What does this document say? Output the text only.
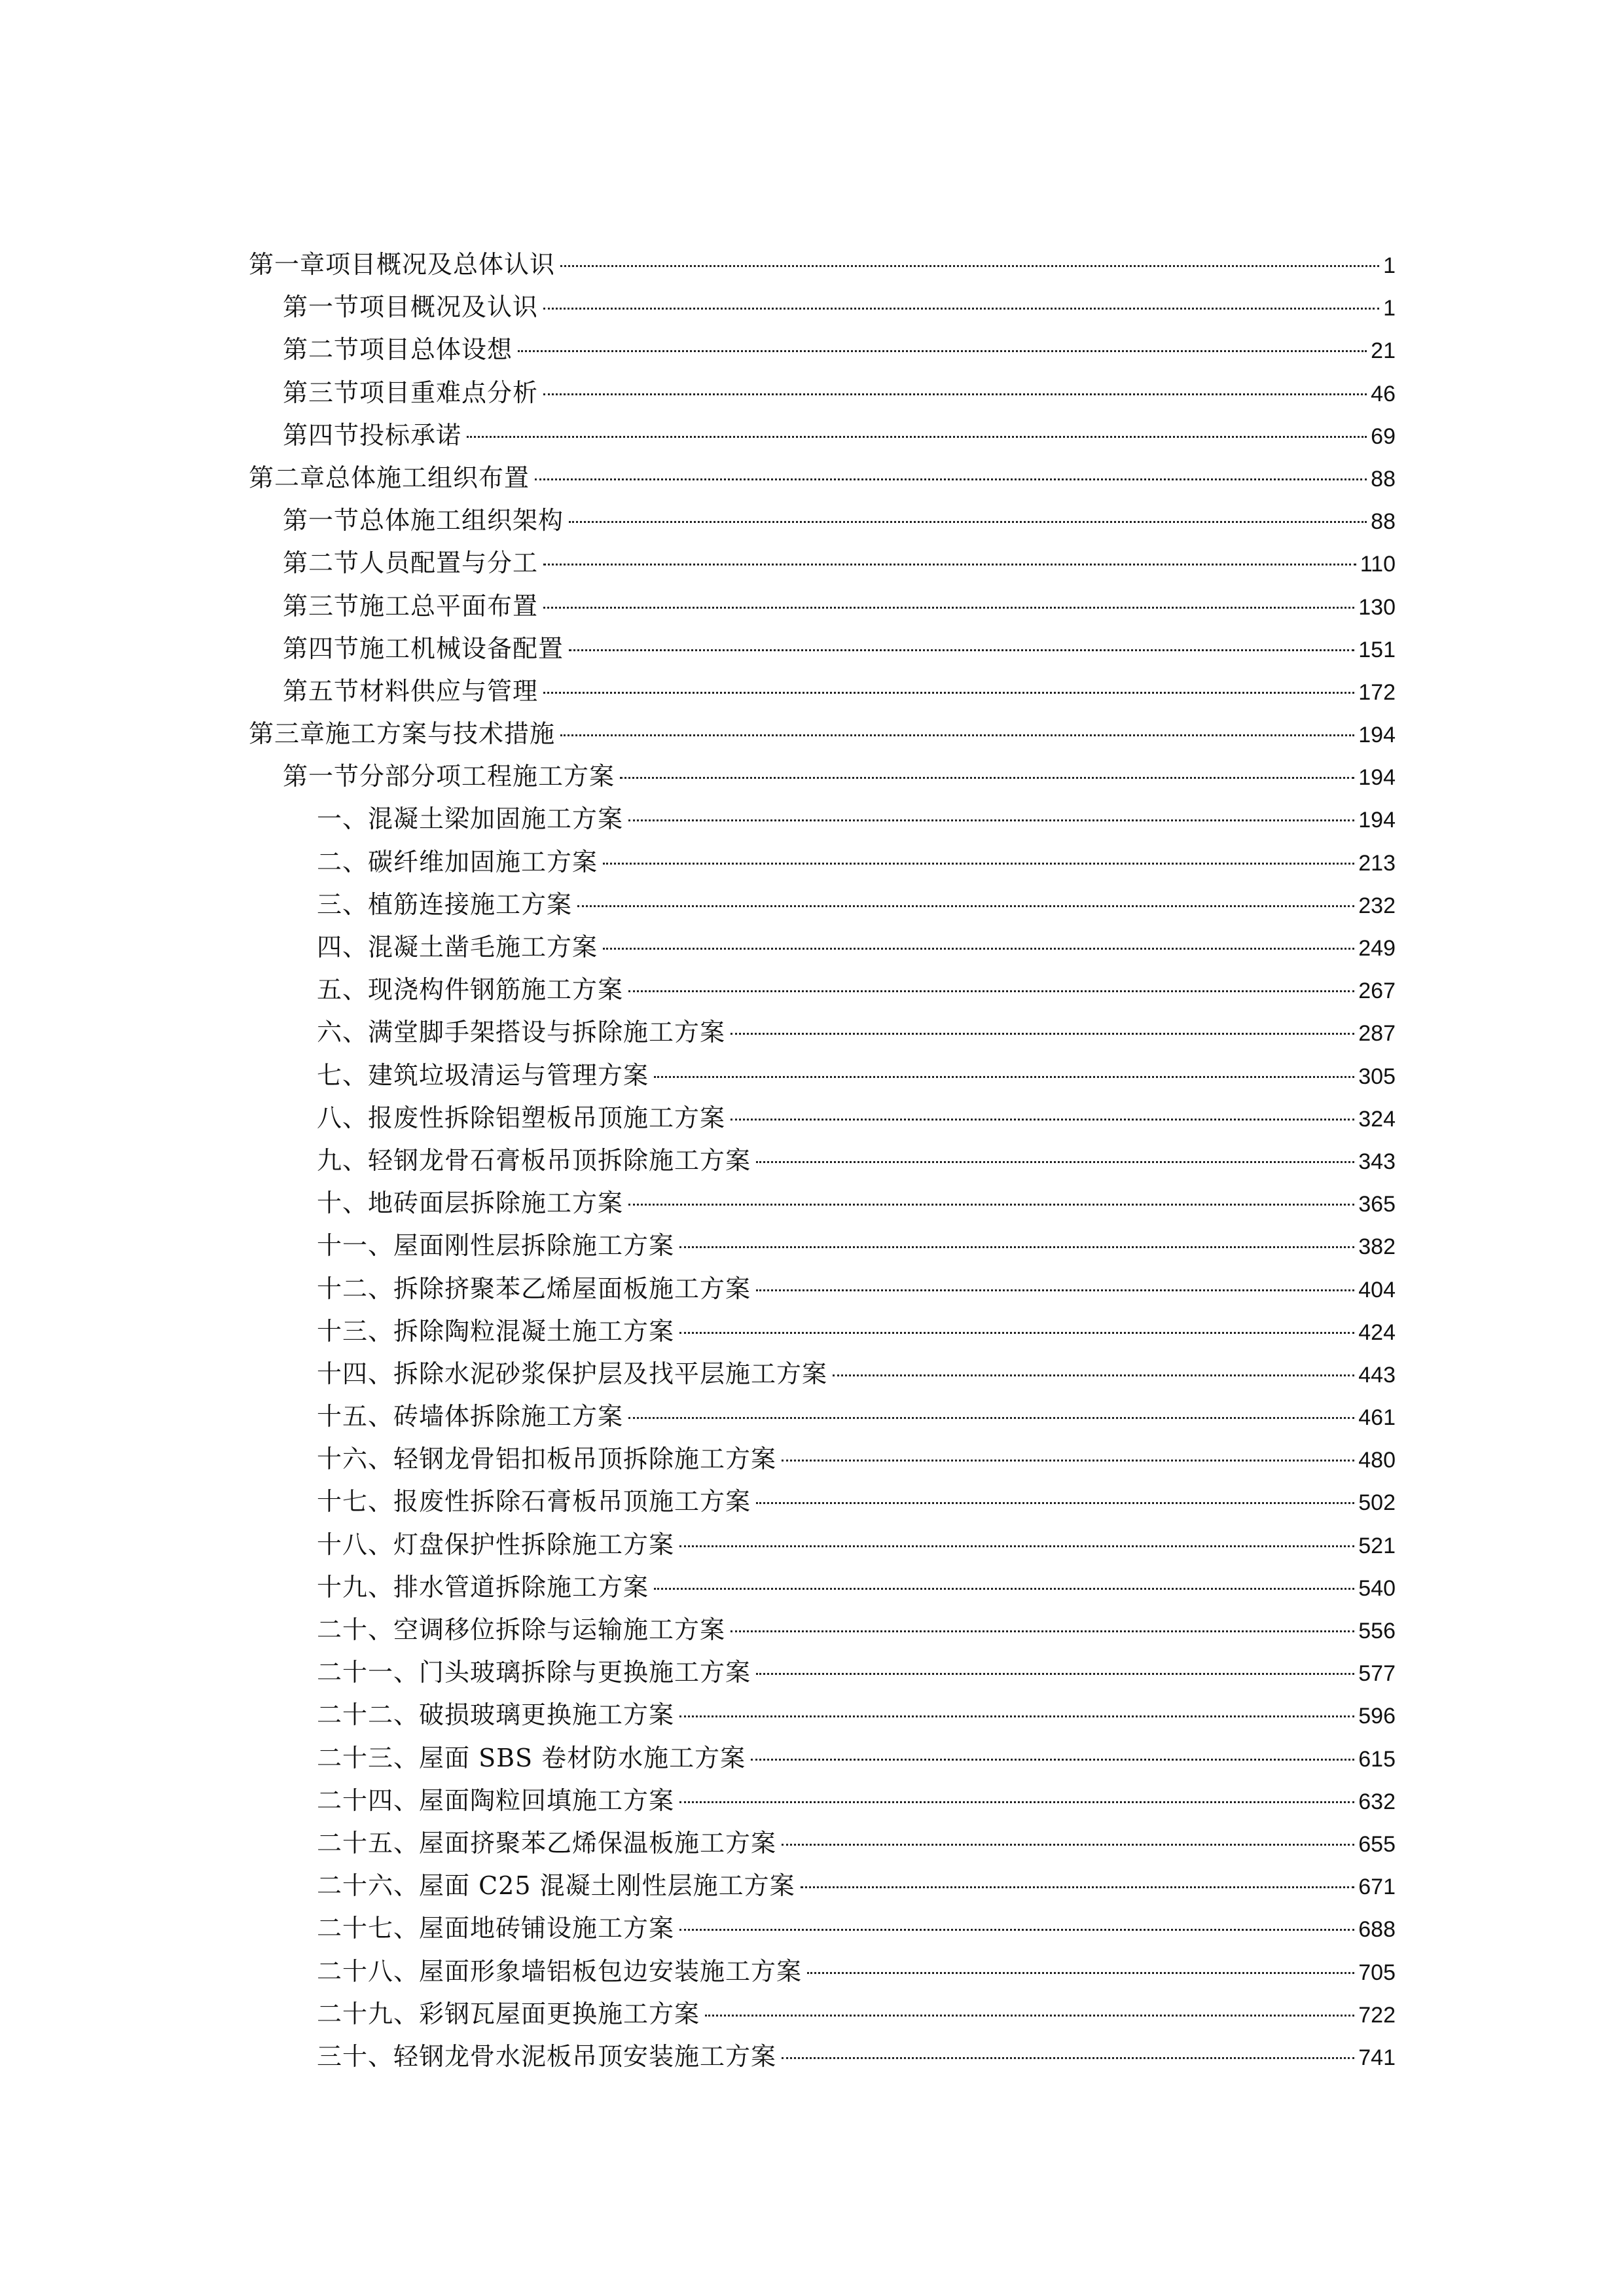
第一章项目概况及总体认识	1
第一节项目概况及认识	1
第二节项目总体设想	21
第三节项目重难点分析	46
第四节投标承诺	69
第二章总体施工组织布置	88
第一节总体施工组织架构	88
第二节人员配置与分工	110
第三节施工总平面布置	130
第四节施工机械设备配置	151
第五节材料供应与管理	172
第三章施工方案与技术措施	194
第一节分部分项工程施工方案	194
一、混凝土梁加固施工方案	194
二、碳纤维加固施工方案	213
三、植筋连接施工方案	232
四、混凝土凿毛施工方案	249
五、现浇构件钢筋施工方案	267
六、满堂脚手架搭设与拆除施工方案	287
七、建筑垃圾清运与管理方案	305
八、报废性拆除铝塑板吊顶施工方案	324
九、轻钢龙骨石膏板吊顶拆除施工方案	343
十、地砖面层拆除施工方案	365
十一、屋面刚性层拆除施工方案	382
十二、拆除挤聚苯乙烯屋面板施工方案	404
十三、拆除陶粒混凝土施工方案	424
十四、拆除水泥砂浆保护层及找平层施工方案	443
十五、砖墙体拆除施工方案	461
十六、轻钢龙骨铝扣板吊顶拆除施工方案	480
十七、报废性拆除石膏板吊顶施工方案	502
十八、灯盘保护性拆除施工方案	521
十九、排水管道拆除施工方案	540
二十、空调移位拆除与运输施工方案	556
二十一、门头玻璃拆除与更换施工方案	577
二十二、破损玻璃更换施工方案	596
二十三、屋面 SBS 卷材防水施工方案	615
二十四、屋面陶粒回填施工方案	632
二十五、屋面挤聚苯乙烯保温板施工方案	655
二十六、屋面 C25 混凝土刚性层施工方案	671
二十七、屋面地砖铺设施工方案	688
二十八、屋面形象墙铝板包边安装施工方案	705
二十九、彩钢瓦屋面更换施工方案	722
三十、轻钢龙骨水泥板吊顶安装施工方案	741
